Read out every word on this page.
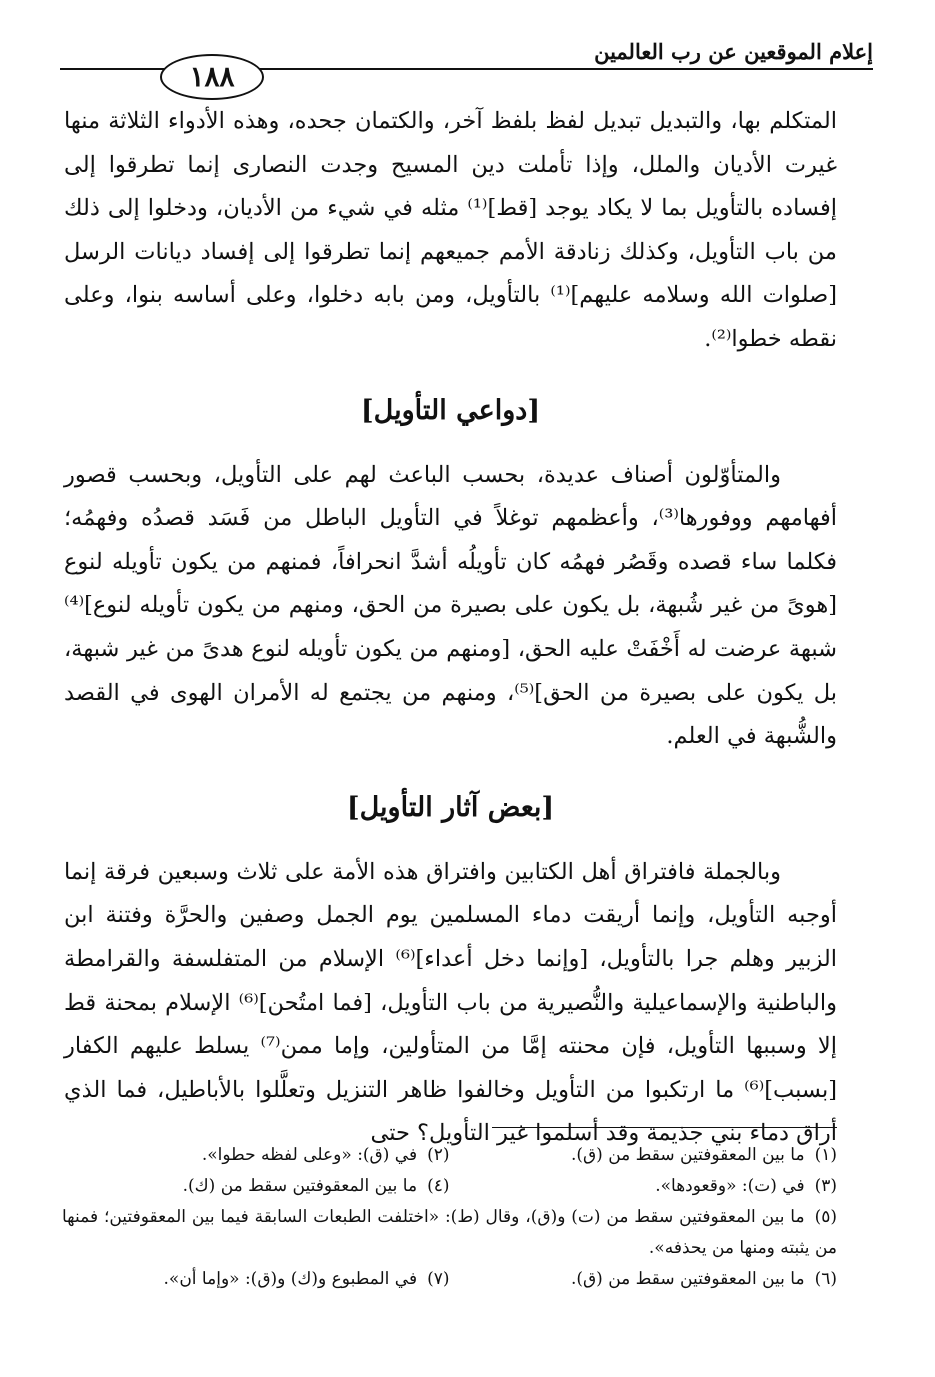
إعلام الموقعين عن رب العالمين
١٨٨

المتكلم بها، والتبديل تبديل لفظ بلفظ آخر، والكتمان جحده، وهذه الأدواء الثلاثة منها غيرت الأديان والملل، وإذا تأملت دين المسيح وجدت النصارى إنما تطرقوا إلى إفساده بالتأويل بما لا يكاد يوجد [قط]⁽¹⁾ مثله في شيء من الأديان، ودخلوا إلى ذلك من باب التأويل، وكذلك زنادقة الأمم جميعهم إنما تطرقوا إلى إفساد ديانات الرسل [صلوات الله وسلامه عليهم]⁽¹⁾ بالتأويل، ومن بابه دخلوا، وعلى أساسه بنوا، وعلى نقطه خطوا⁽²⁾.

[دواعي التأويل]

والمتأوّلون أصناف عديدة، بحسب الباعث لهم على التأويل، وبحسب قصور أفهامهم ووفورها⁽³⁾، وأعظمهم توغلاً في التأويل الباطل من فَسَد قصدُه وفهمُه؛ فكلما ساء قصده وقَصُر فهمُه كان تأويلُه أشدَّ انحرافاً، فمنهم من يكون تأويله لنوع [هوىً من غير شُبهة، بل يكون على بصيرة من الحق، ومنهم من يكون تأويله لنوع]⁽⁴⁾ شبهة عرضت له أَخْفَتْ عليه الحق، [ومنهم من يكون تأويله لنوع هدىً من غير شبهة، بل يكون على بصيرة من الحق]⁽⁵⁾، ومنهم من يجتمع له الأمران الهوى في القصد والشُّبهة في العلم.

[بعض آثار التأويل]

وبالجملة فافتراق أهل الكتابين وافتراق هذه الأمة على ثلاث وسبعين فرقة إنما أوجبه التأويل، وإنما أريقت دماء المسلمين يوم الجمل وصفين والحرَّة وفتنة ابن الزبير وهلم جرا بالتأويل، [وإنما دخل أعداء]⁽⁶⁾ الإسلام من المتفلسفة والقرامطة والباطنية والإسماعيلية والنُّصيرية من باب التأويل، [فما امتُحن]⁽⁶⁾ الإسلام بمحنة قط إلا وسببها التأويل، فإن محنته إمَّا من المتأولين، وإما ممن⁽⁷⁾ يسلط عليهم الكفار [بسبب]⁽⁶⁾ ما ارتكبوا من التأويل وخالفوا ظاهر التنزيل وتعلَّلوا بالأباطيل، فما الذي أراق دماء بني جذيمة وقد أسلموا غير التأويل؟ حتى

(١)ما بين المعقوفتين سقط من (ق).
(٢)في (ق): «وعلى لفظه حطوا».
(٣)في (ت): «وقعودها».
(٤)ما بين المعقوفتين سقط من (ك).
(٥)ما بين المعقوفتين سقط من (ت) و(ق)، وقال (ط): «اختلفت الطبعات السابقة فيما بين المعقوفتين؛ فمنها من يثبته ومنها من يحذفه».
(٦)ما بين المعقوفتين سقط من (ق).
(٧)في المطبوع و(ك) و(ق): «وإما أن».
